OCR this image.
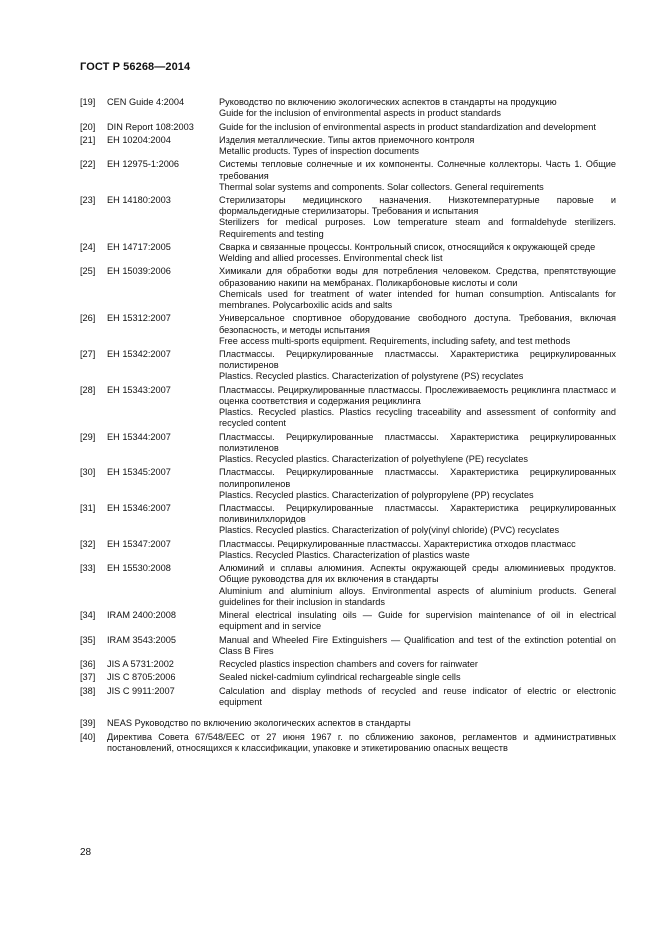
ГОСТ Р 56268—2014
[19]	CEN Guide 4:2004	Руководство по включению экологических аспектов в стандарты на продукцию
Guide for the inclusion of environmental aspects in product standards
[20]	DIN Report 108:2003	Guide for the inclusion of environmental aspects in product standardization and development
[21]	EH 10204:2004	Изделия металлические. Типы актов приемочного контроля
Metallic products. Types of inspection documents
[22]	EH 12975-1:2006	Системы тепловые солнечные и их компоненты. Солнечные коллекторы. Часть 1. Общие требования
Thermal solar systems and components. Solar collectors. General requirements
[23]	EH 14180:2003	Стерилизаторы медицинского назначения. Низкотемпературные паровые и формальдегидные стерилизаторы. Требования и испытания
Sterilizers for medical purposes. Low temperature steam and formaldehyde sterilizers. Requirements and testing
[24]	EH 14717:2005	Сварка и связанные процессы. Контрольный список, относящийся к окружающей среде
Welding and allied processes. Environmental check list
[25]	EH 15039:2006	Химикали для обработки воды для потребления человеком. Средства, препятствующие образованию накипи на мембранах. Поликарбоновые кислоты и соли
Chemicals used for treatment of water intended for human consumption. Antiscalants for membranes. Polycarboxilic acids and salts
[26]	EH 15312:2007	Универсальное спортивное оборудование свободного доступа. Требования, включая безопасность, и методы испытания
Free access multi-sports equipment. Requirements, including safety, and test methods
[27]	EH 15342:2007	Пластмассы. Рециркулированные пластмассы. Характеристика рециркулированных полистиренов
Plastics. Recycled plastics. Characterization of polystyrene (PS) recyclates
[28]	EH 15343:2007	Пластмассы. Рециркулированные пластмассы. Прослеживаемость рециклинга пластмасс и оценка соответствия и содержания рециклинга
Plastics. Recycled plastics. Plastics recycling traceability and assessment of conformity and recycled content
[29]	EH 15344:2007	Пластмассы. Рециркулированные пластмассы. Характеристика рециркулированных полиэтиленов
Plastics. Recycled plastics. Characterization of polyethylene (PE) recyclates
[30]	EH 15345:2007	Пластмассы. Рециркулированные пластмассы. Характеристика рециркулированных полипропиленов
Plastics. Recycled plastics. Characterization of polypropylene (PP) recyclates
[31]	EH 15346:2007	Пластмассы. Рециркулированные пластмассы. Характеристика рециркулированных поливинилхлоридов
Plastics. Recycled plastics. Characterization of poly(vinyl chloride) (PVC) recyclates
[32]	EH 15347:2007	Пластмассы. Рециркулированные пластмассы. Характеристика отходов пластмасс
Plastics. Recycled Plastics. Characterization of plastics waste
[33]	EH 15530:2008	Алюминий и сплавы алюминия. Аспекты окружающей среды алюминиевых продуктов. Общие руководства для их включения в стандарты
Aluminium and aluminium alloys. Environmental aspects of aluminium products. General guidelines for their inclusion in standards
[34]	IRAM 2400:2008	Mineral electrical insulating oils — Guide for supervision maintenance of oil in electrical equipment and in service
[35]	IRAM 3543:2005	Manual and Wheeled Fire Extinguishers — Qualification and test of the extinction potential on Class B Fires
[36]	JIS A 5731:2002	Recycled plastics inspection chambers and covers for rainwater
[37]	JIS C 8705:2006	Sealed nickel-cadmium cylindrical rechargeable single cells
[38]	JIS C 9911:2007	Calculation and display methods of recycled and reuse indicator of electric or electronic equipment
[39]	NEAS Руководство по включению экологических аспектов в стандарты
[40]	Директива Совета 67/548/EEC от 27 июня 1967 г. по сближению законов, регламентов и административных постановлений, относящихся к классификации, упаковке и этикетированию опасных веществ
28
